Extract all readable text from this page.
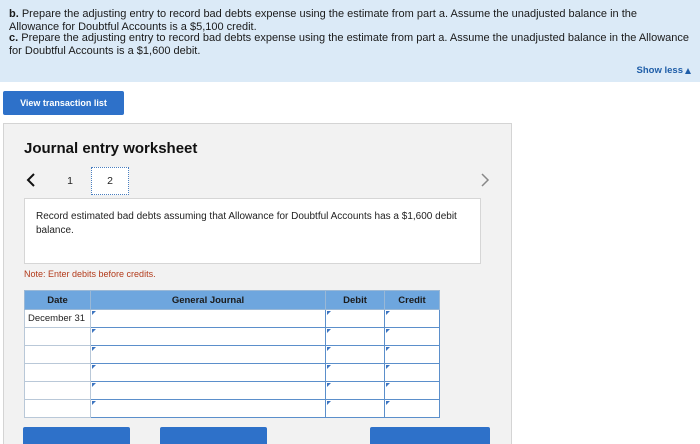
b. Prepare the adjusting entry to record bad debts expense using the estimate from part a. Assume the unadjusted balance in the Allowance for Doubtful Accounts is a $5,100 credit.

c. Prepare the adjusting entry to record bad debts expense using the estimate from part a. Assume the unadjusted balance in the Allowance for Doubtful Accounts is a $1,600 debit.

Show less
View transaction list
Journal entry worksheet
1	2
Record estimated bad debts assuming that Allowance for Doubtful Accounts has a $1,600 debit balance.
Note: Enter debits before credits.
Date	General Journal	Debit	Credit
December 31			
